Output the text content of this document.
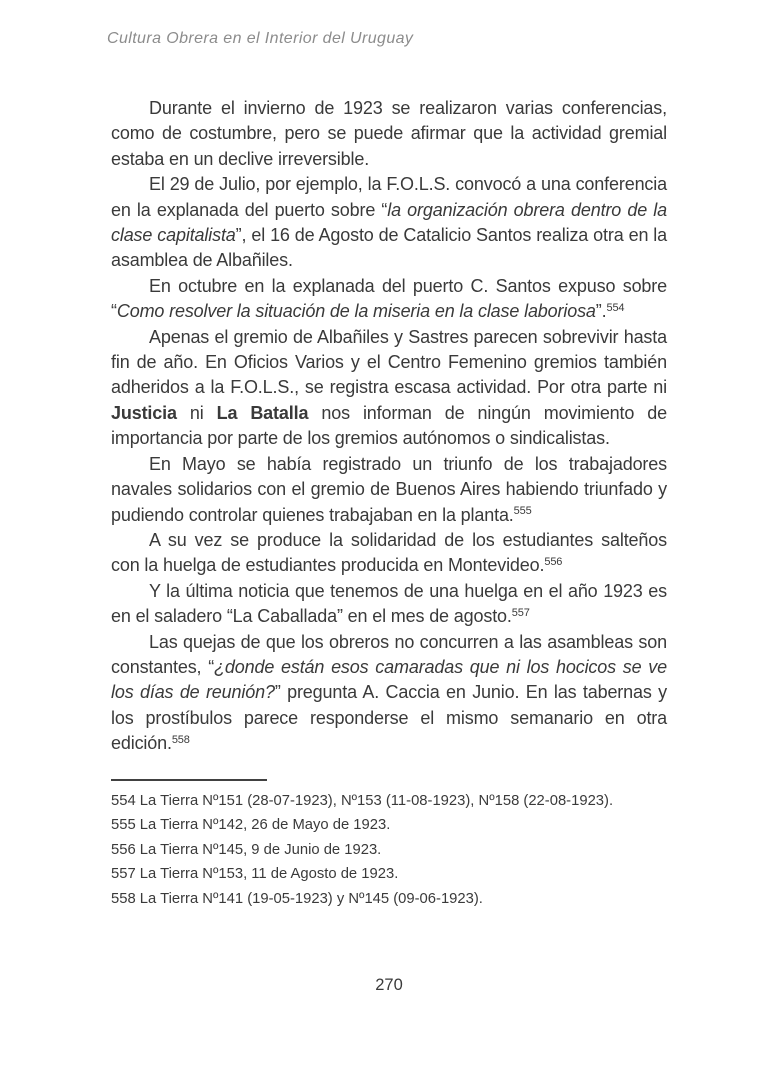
Cultura Obrera en el Interior del Uruguay

Durante el invierno de 1923 se realizaron varias conferencias, como de costumbre, pero se puede afirmar que la actividad gremial estaba en un declive irreversible.

El 29 de Julio, por ejemplo, la F.O.L.S. convocó a una conferencia en la explanada del puerto sobre “la organización obrera dentro de la clase capitalista”, el 16 de Agosto de Catalicio Santos realiza otra en la asamblea de Albañiles.

En octubre en la explanada del puerto C. Santos expuso sobre “Como resolver la situación de la miseria en la clase laboriosa”.$^{554}$

Apenas el gremio de Albañiles y Sastres parecen sobrevivir hasta fin de año. En Oficios Varios y el Centro Femenino gremios también adheridos a la F.O.L.S., se registra escasa actividad. Por otra parte ni Justicia ni La Batalla nos informan de ningún movimiento de importancia por parte de los gremios autónomos o sindicalistas.

En Mayo se había registrado un triunfo de los trabajadores navales solidarios con el gremio de Buenos Aires habiendo triunfado y pudiendo controlar quienes trabajaban en la planta.$^{555}$

A su vez se produce la solidaridad de los estudiantes salteños con la huelga de estudiantes producida en Montevideo.$^{556}$

Y la última noticia que tenemos de una huelga en el año 1923 es en el saladero “La Caballada” en el mes de agosto.$^{557}$

Las quejas de que los obreros no concurren a las asambleas son constantes, “¿donde están esos camaradas que ni los hocicos se ve los días de reunión?” pregunta A. Caccia en Junio. En las tabernas y los prostíbulos parece responderse el mismo semanario en otra edición.$^{558}$

554 La Tierra Nº151 (28-07-1923), Nº153 (11-08-1923), Nº158 (22-08-1923).
555 La Tierra Nº142, 26 de Mayo de 1923.
556 La Tierra Nº145, 9 de Junio de 1923.
557 La Tierra Nº153, 11 de Agosto de 1923.
558 La Tierra Nº141 (19-05-1923) y Nº145 (09-06-1923).
270
